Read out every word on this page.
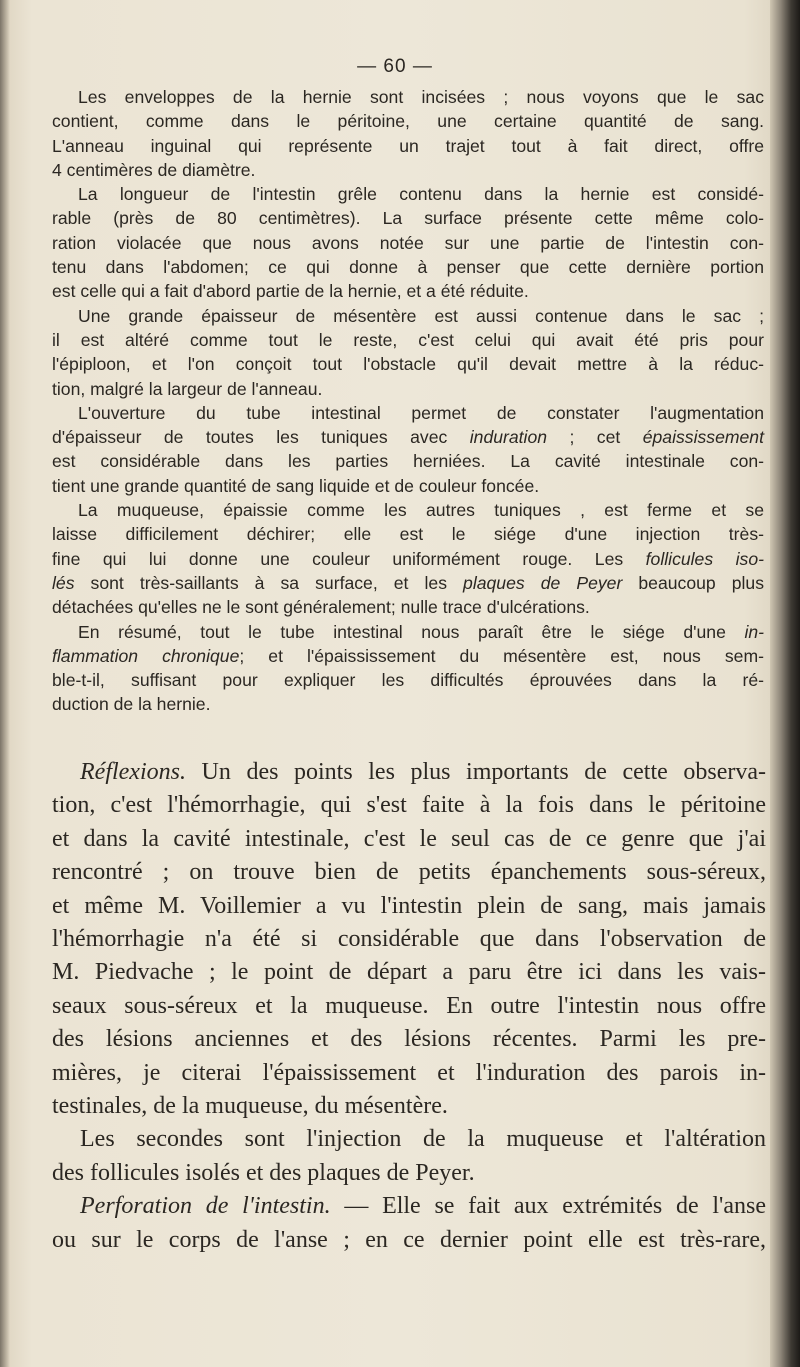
— 60 —
Les enveloppes de la hernie sont incisées ; nous voyons que le sac
contient, comme dans le péritoine, une certaine quantité de sang.
L'anneau inguinal qui représente un trajet tout à fait direct, offre
4 centimères de diamètre.
La longueur de l'intestin grêle contenu dans la hernie est considé-
rable (près de 80 centimètres). La surface présente cette même colo-
ration violacée que nous avons notée sur une partie de l'intestin con-
tenu dans l'abdomen; ce qui donne à penser que cette dernière portion
est celle qui a fait d'abord partie de la hernie, et a été réduite.
Une grande épaisseur de mésentère est aussi contenue dans le sac ;
il est altéré comme tout le reste, c'est celui qui avait été pris pour
l'épiploon, et l'on conçoit tout l'obstacle qu'il devait mettre à la réduc-
tion, malgré la largeur de l'anneau.
L'ouverture du tube intestinal permet de constater l'augmentation
d'épaisseur de toutes les tuniques avec induration ; cet épaississement
est considérable dans les parties herniées. La cavité intestinale con-
tient une grande quantité de sang liquide et de couleur foncée.
La muqueuse, épaissie comme les autres tuniques , est ferme et se
laisse difficilement déchirer; elle est le siége d'une injection très-
fine qui lui donne une couleur uniformément rouge. Les follicules iso-
lés sont très-saillants à sa surface, et les plaques de Peyer beaucoup plus
détachées qu'elles ne le sont généralement; nulle trace d'ulcérations.
En résumé, tout le tube intestinal nous paraît être le siége d'une in-
flammation chronique; et l'épaississement du mésentère est, nous sem-
ble-t-il, suffisant pour expliquer les difficultés éprouvées dans la ré-
duction de la hernie.
Réflexions. Un des points les plus importants de cette observa-
tion, c'est l'hémorrhagie, qui s'est faite à la fois dans le péritoine
et dans la cavité intestinale, c'est le seul cas de ce genre que j'ai
rencontré ; on trouve bien de petits épanchements sous-séreux,
et même M. Voillemier a vu l'intestin plein de sang, mais jamais
l'hémorrhagie n'a été si considérable que dans l'observation de
M. Piedvache ; le point de départ a paru être ici dans les vais-
seaux sous-séreux et la muqueuse. En outre l'intestin nous offre
des lésions anciennes et des lésions récentes. Parmi les pre-
mières, je citerai l'épaississement et l'induration des parois in-
testinales, de la muqueuse, du mésentère.
Les secondes sont l'injection de la muqueuse et l'altération
des follicules isolés et des plaques de Peyer.
Perforation de l'intestin. — Elle se fait aux extrémités de l'anse
ou sur le corps de l'anse ; en ce dernier point elle est très-rare,
